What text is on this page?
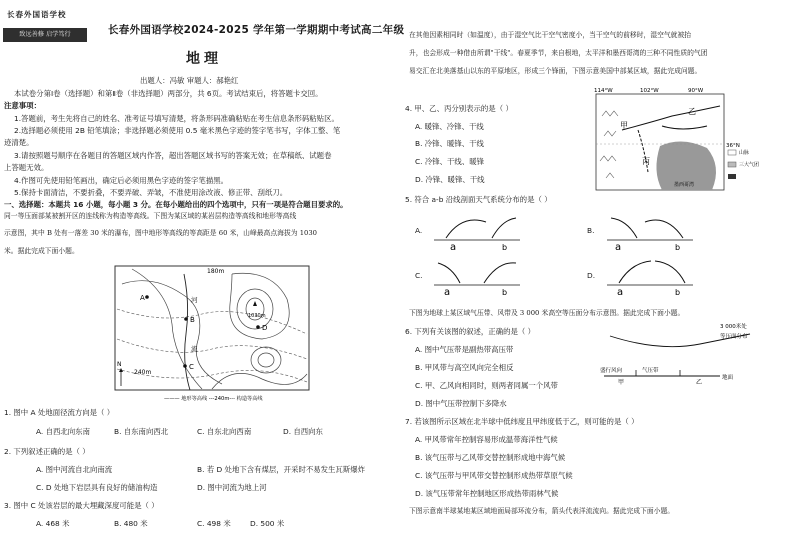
长春外国语学校
致远善修 启学笃行	长春外国语学校2024-2025 学年第一学期期中考试高二年级
地理
出题人：冯敏 审题人：郝艳红
本试卷分第Ⅰ卷（选择题）和第Ⅱ卷（非选择题）两部分，共 6页。考试结束后，将答题卡交回。
注意事项：
1.答题前，考生先将自己的姓名、准考证号填写清楚，将条形码准确粘贴在考生信息条形码粘贴区。
2.选择题必须使用 2B 铅笔填涂；非选择题必须使用 0.5 毫米黑色字迹的签字笔书写，字体工整、笔
迹清楚。
3.请按照题号顺序在各题目的答题区域内作答，超出答题区域书写的答案无效；在草稿纸、试题卷
上答题无效。
4.作图可先使用铅笔画出，确定后必须用黑色字迹的签字笔描黑。
5.保持卡面清洁，不要折叠，不要弄破、弄皱，不准使用涂改液、修正带、刮纸刀。
一、选择题：本题共 16 小题，每小题 3 分。在每小题给出的四个选项中，只有一项是符合题目要求的。
同一等压面部某被割开区的连线称为构造等高线。下图为某区域的某岩层构造等高线和地形等高线
示意图，其中 B 处有一落差 30 米的瀑布，图中地形等高线的等高距是 60 米，山峰最高点海拔为 1030
米。据此完成下面小题。
A
B
C
D
河
流
180m
1030m
240m
N
——— 地形等高线 ---240m--- 构造等高线
1. 图中 A 处地面径流方向是（ ）
A. 自西北向东南	B. 自东南向西北	C. 自东北向西南	D. 自西向东
2. 下列叙述正确的是（ ）
A. 图中河流自北向南流	B. 若 D 处地下含有煤层，开采时不易发生瓦斯爆炸
C. D 处地下岩层具有良好的储油构造	D. 图中河流为地上河
3. 图中 C 处该岩层的最大埋藏深度可能是（ ）
A. 468 米	B. 480 米	C. 498 米	D. 500 米
在其他因素相同时（如温度），由于湿空气比干空气密度小，当干空气的前移时，湿空气就被抬
升，也会形成一种借由所谓"干线"。春夏季节，来自根地，太平洋和墨西哥湾的三种不同性质的气团
易交汇在北美落基山以东的平原地区，形成三个锋面，下图示意美国中部某区域，据此完成问题。
114°W	102°W	90°W
36°N
甲
乙
丙
墨西哥湾
山脉
三大气团
4. 甲、乙、丙分别表示的是（ ）
A. 暖锋、冷锋、干线
B. 冷锋、暖锋、干线
C. 冷锋、干线、暖锋
D. 冷锋、暖锋、干线
5. 符合 a-b 沿线剖面天气系统分布的是（ ）
A.
a	b
B.
a	b
C.
a	b
D.
a	b
下图为地球上某区域气压带、风带及 3 000 米高空等压面分布示意图。据此完成下面小题。
6. 下列有关该图的叙述，正确的是（ ）
A. 图中气压带是副热带高压带
B. 甲风带与高空风向完全相反
C. 甲、乙风向相同时，则两者同属一个风带
D. 图中气压带控制下多降水
3 000米处
等压面分布
盛行风向	气压带
甲	乙
地面
7. 若该图所示区域在北半球中低纬度且甲纬度低于乙，则可能的是（ ）
A. 甲风带常年控制容易形成温带海洋性气候
B. 该气压带与乙风带交替控制形成地中海气候
C. 该气压带与甲风带交替控制形成热带草原气候
D. 该气压带常年控制地区形成热带雨林气候
下图示意南半球某地某区域地面局部环流分布，箭头代表洋流流向。据此完成下面小题。
